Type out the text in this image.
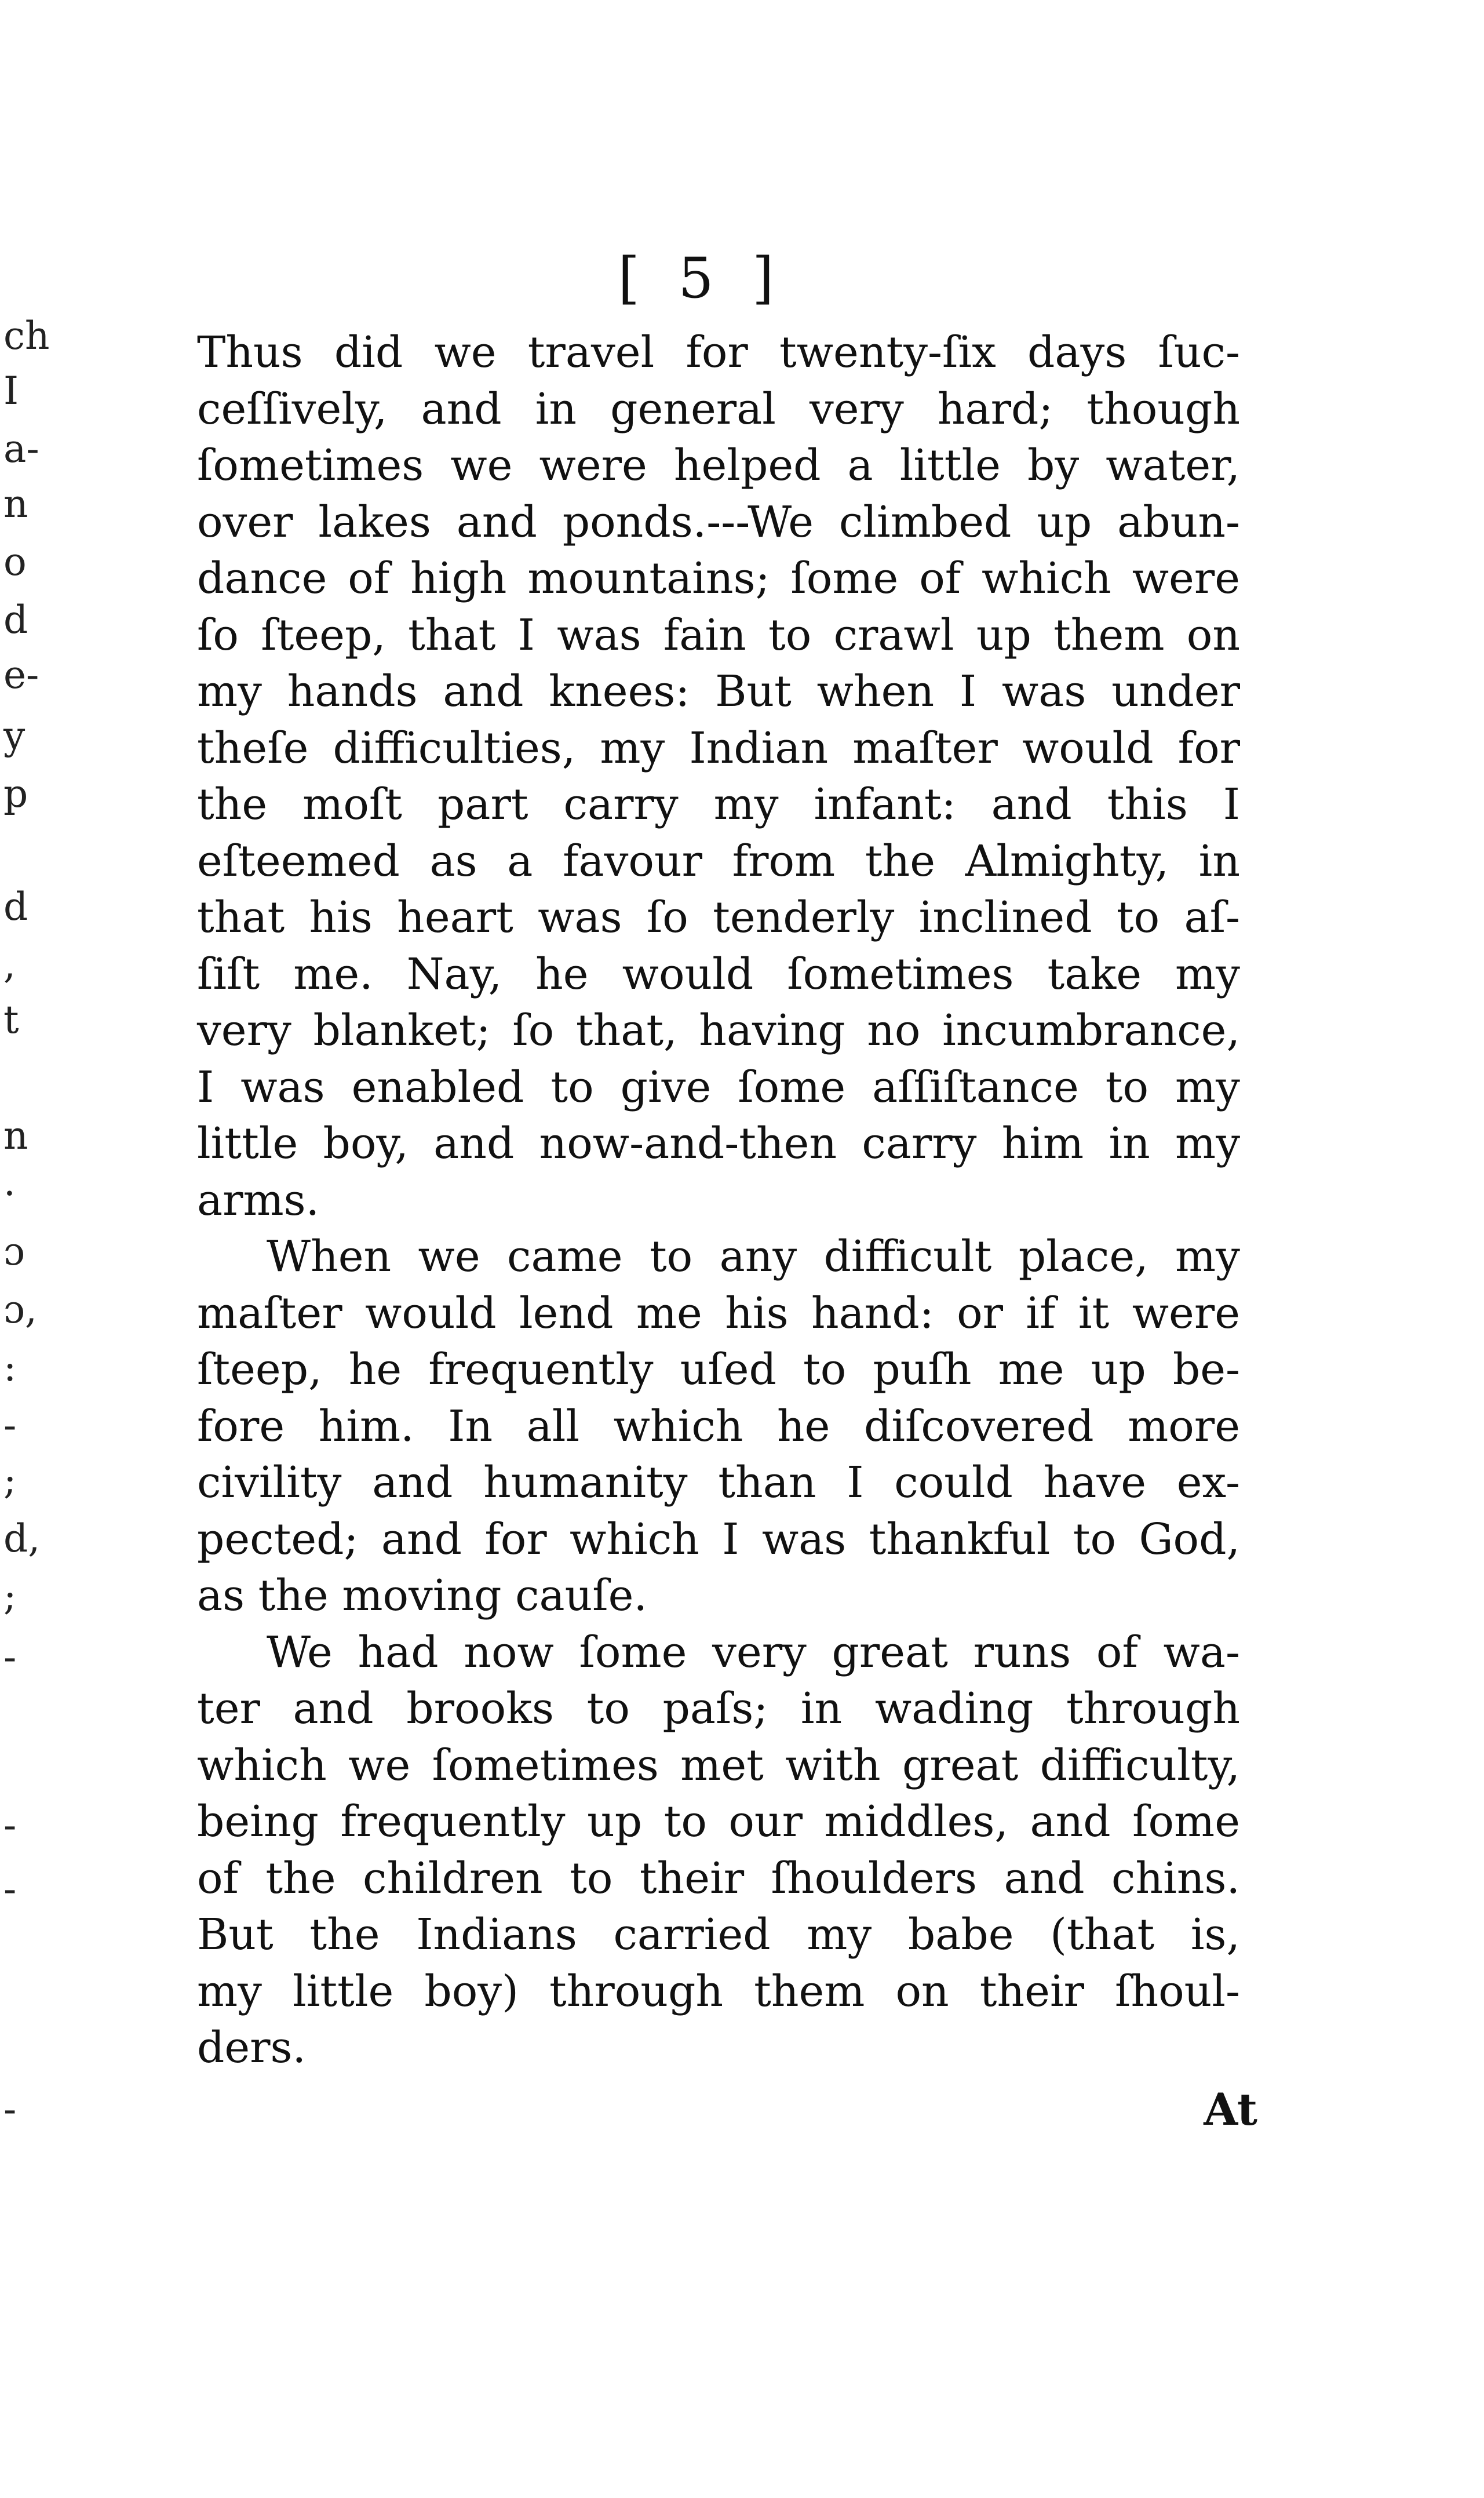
[ 5 ]
ch
I
a-
n
o
d
e-
y
p
d
,
t
n
·
ɔ
ɔ,
:
-
;
d,
;
-
-
-
-
Thus did we travel for twenty-ſix days ſuc-
ceſſively, and in general very hard; though
ſometimes we were helped a little by water,
over lakes and ponds.---We climbed up abun-
dance of high mountains; ſome of which were
ſo ſteep, that I was fain to crawl up them on
my hands and knees: But when I was under
theſe difficulties, my Indian maſter would for
the moſt part carry my infant: and this I
eſteemed as a favour from the Almighty, in
that his heart was ſo tenderly inclined to aſ-
ſiſt me. Nay, he would ſometimes take my
very blanket; ſo that, having no incumbrance,
I was enabled to give ſome aſſiſtance to my
little boy, and now-and-then carry him in my
arms.
When we came to any difficult place, my
maſter would lend me his hand: or if it were
ſteep, he frequently uſed to puſh me up be-
fore him. In all which he diſcovered more
civility and humanity than I could have ex-
pected; and for which I was thankful to God,
as the moving cauſe.
We had now ſome very great runs of wa-
ter and brooks to paſs; in wading through
which we ſometimes met with great difficulty,
being frequently up to our middles, and ſome
of the children to their ſhoulders and chins.
But the Indians carried my babe (that is,
my little boy) through them on their ſhoul-
ders.
At
